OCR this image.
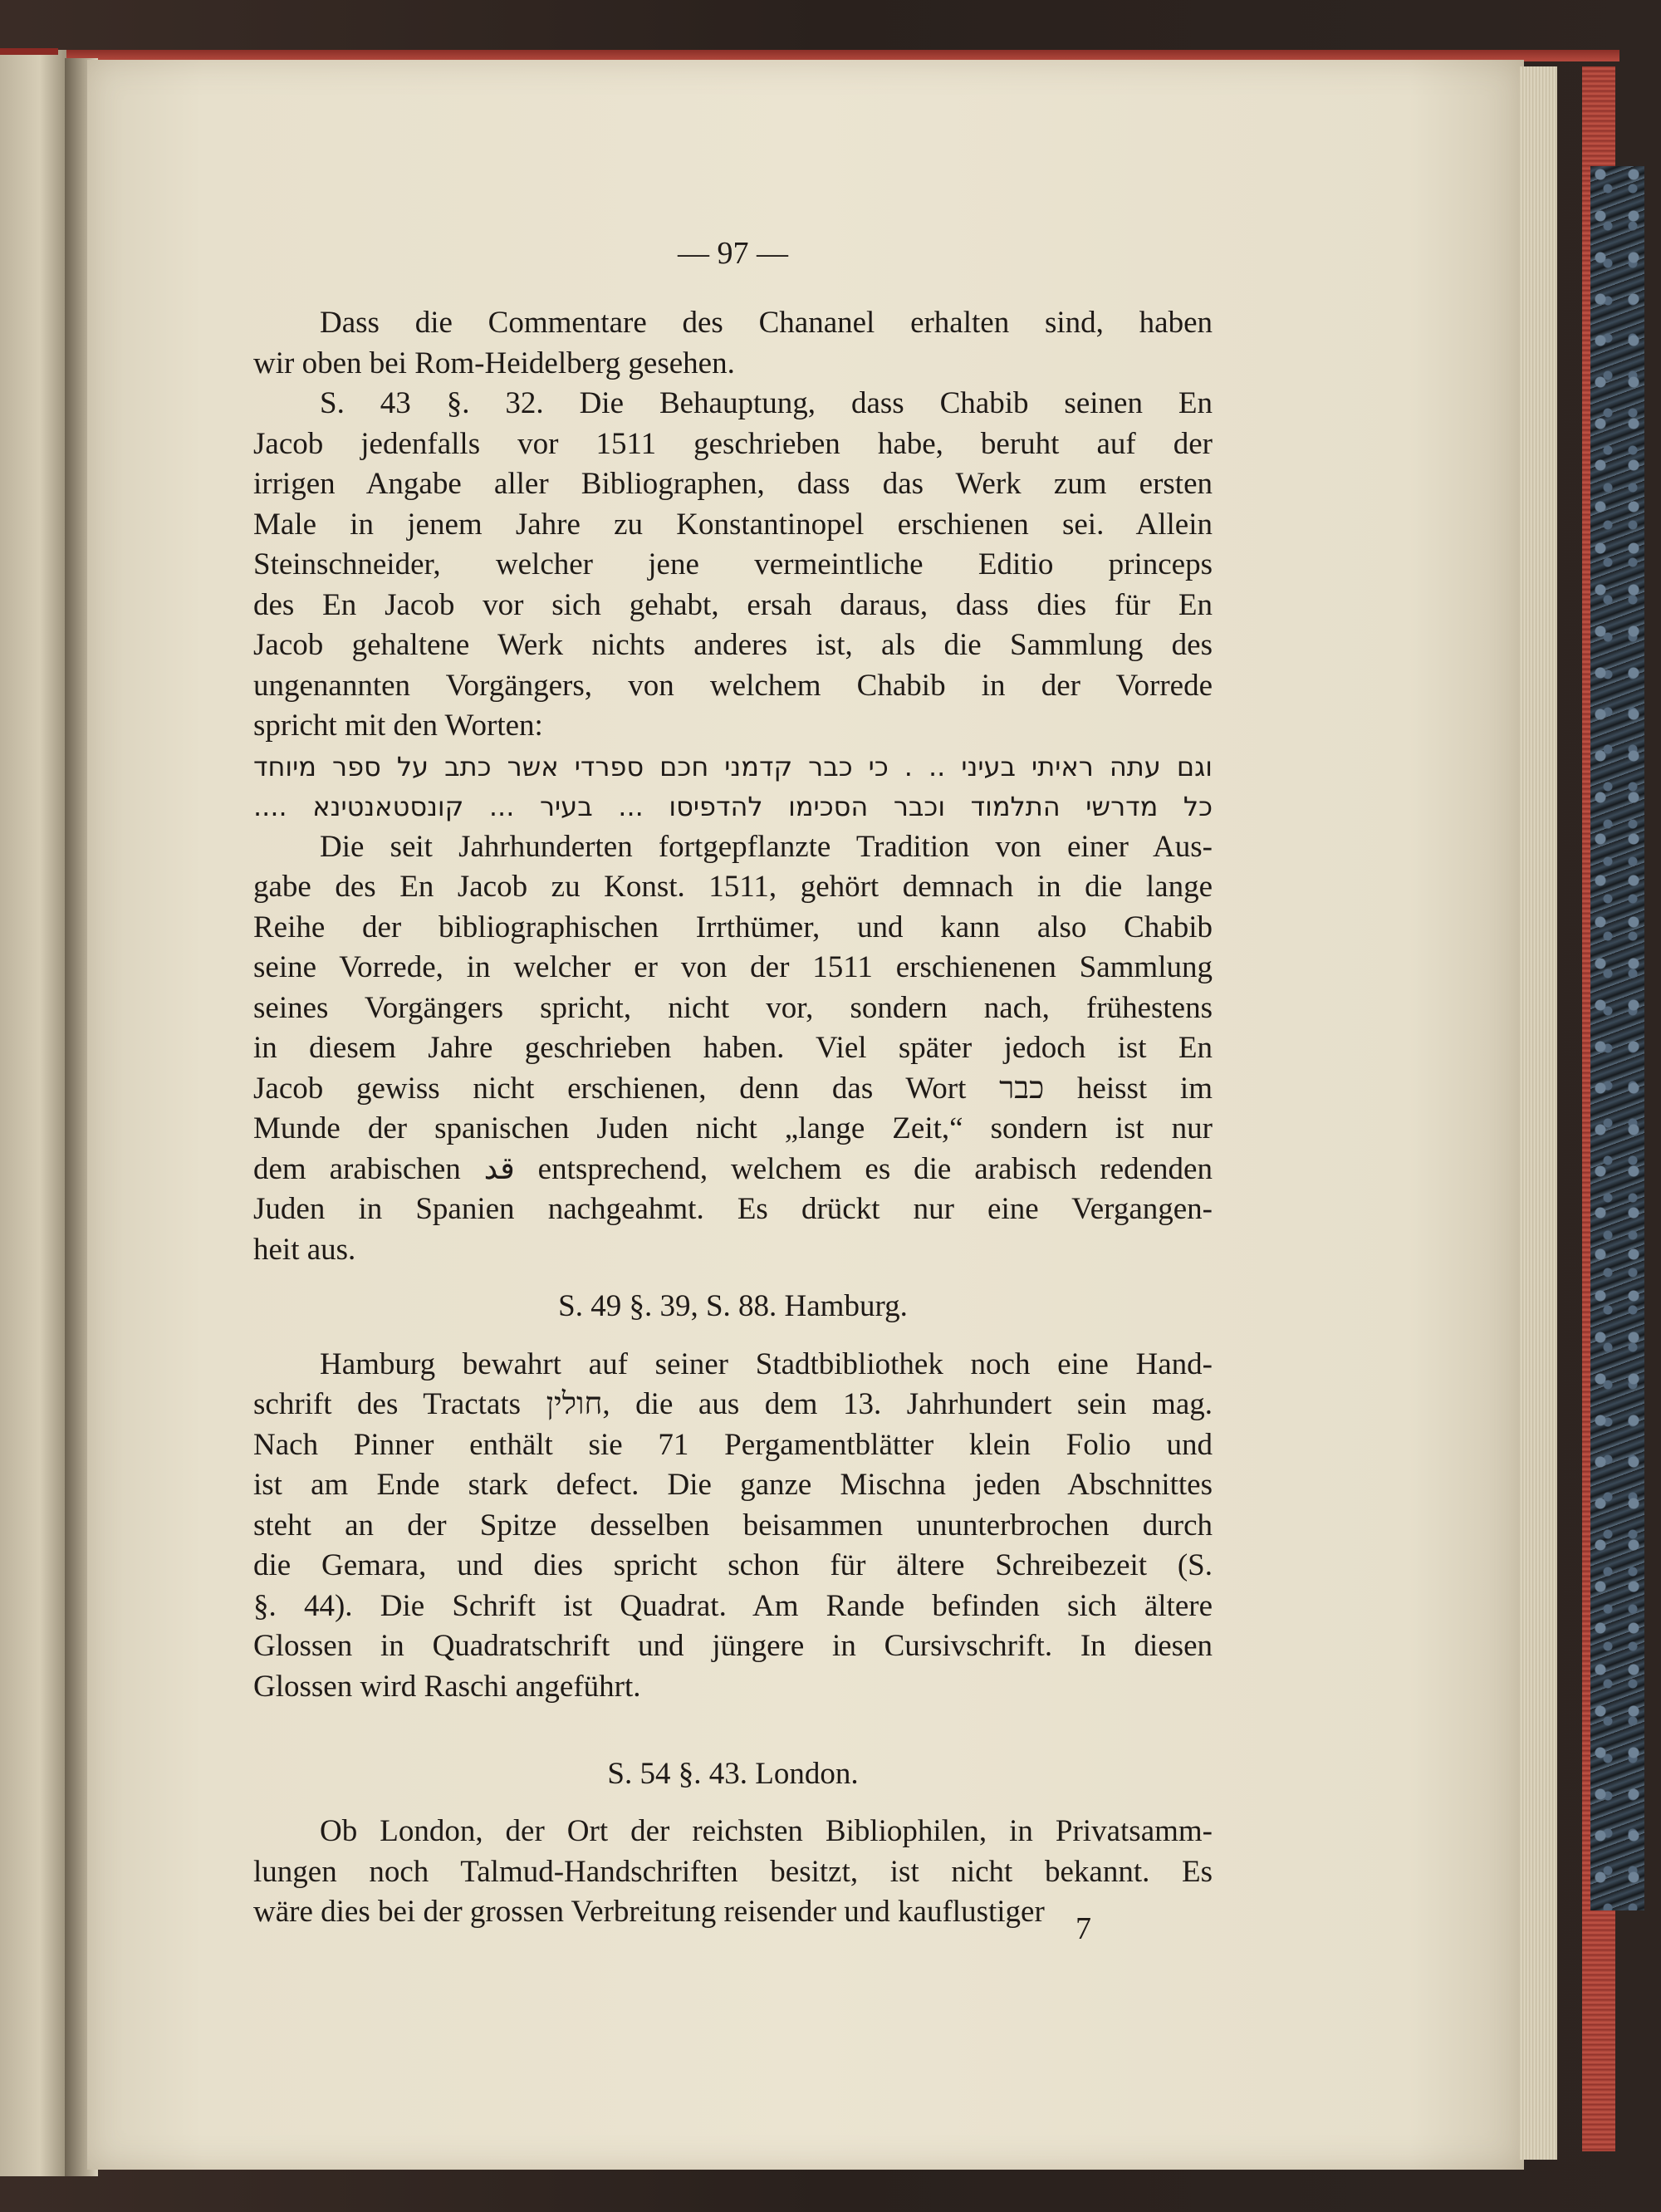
— 97 —
Dass die Commentare des Chananel erhalten sind, haben
wir oben bei Rom-Heidelberg gesehen.
S. 43 §. 32. Die Behauptung, dass Chabib seinen En
Jacob jedenfalls vor 1511 geschrieben habe, beruht auf der
irrigen Angabe aller Bibliographen, dass das Werk zum ersten
Male in jenem Jahre zu Konstantinopel erschienen sei. Allein
Steinschneider, welcher jene vermeintliche Editio princeps
des En Jacob vor sich gehabt, ersah daraus, dass dies für En
Jacob gehaltene Werk nichts anderes ist, als die Sammlung des
ungenannten Vorgängers, von welchem Chabib in der Vorrede
spricht mit den Worten:
וגם עתה ראיתי בעיני .. . כי כבר קדמני חכם ספרדי אשר כתב על ספר מיוחד
כל מדרשי התלמוד וכבר הסכימו להדפיסו ... בעיר ... קונסטאנטינא ....
Die seit Jahrhunderten fortgepflanzte Tradition von einer Aus-
gabe des En Jacob zu Konst. 1511, gehört demnach in die lange
Reihe der bibliographischen Irrthümer, und kann also Chabib
seine Vorrede, in welcher er von der 1511 erschienenen Sammlung
seines Vorgängers spricht, nicht vor, sondern nach, frühestens
in diesem Jahre geschrieben haben. Viel später jedoch ist En
Jacob gewiss nicht erschienen, denn das Wort כבר heisst im
Munde der spanischen Juden nicht „lange Zeit,“ sondern ist nur
dem arabischen قد entsprechend, welchem es die arabisch redenden
Juden in Spanien nachgeahmt. Es drückt nur eine Vergangen-
heit aus.
S. 49 §. 39, S. 88. Hamburg.
Hamburg bewahrt auf seiner Stadtbibliothek noch eine Hand-
schrift des Tractats חולין, die aus dem 13. Jahrhundert sein mag.
Nach Pinner enthält sie 71 Pergamentblätter klein Folio und
ist am Ende stark defect. Die ganze Mischna jeden Abschnittes
steht an der Spitze desselben beisammen ununterbrochen durch
die Gemara, und dies spricht schon für ältere Schreibezeit (S.
§. 44). Die Schrift ist Quadrat. Am Rande befinden sich ältere
Glossen in Quadratschrift und jüngere in Cursivschrift. In diesen
Glossen wird Raschi angeführt.
S. 54 §. 43. London.
Ob London, der Ort der reichsten Bibliophilen, in Privatsamm-
lungen noch Talmud-Handschriften besitzt, ist nicht bekannt. Es
wäre dies bei der grossen Verbreitung reisender und kauflustiger 7
